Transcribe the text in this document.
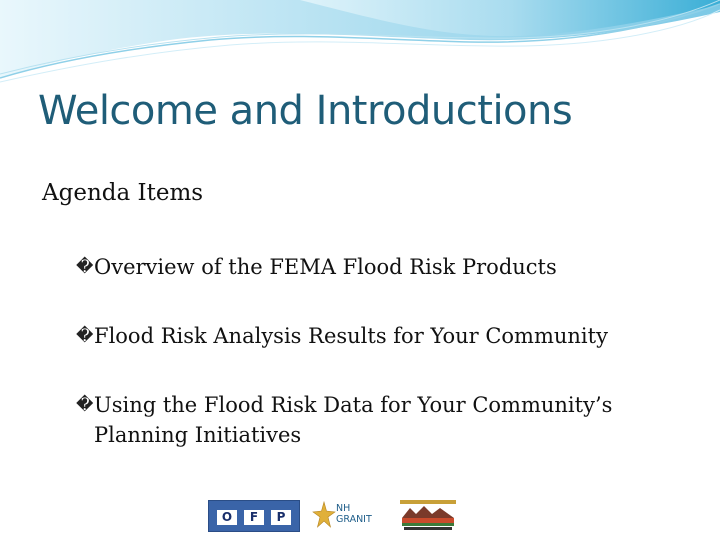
Welcome and Introductions
Agenda Items
� Overview of the FEMA Flood Risk Products
� Flood Risk Analysis Results for Your Community
� Using the Flood Risk Data for Your Community’s Planning Initiatives
O	F	P
NH
GRANIT
